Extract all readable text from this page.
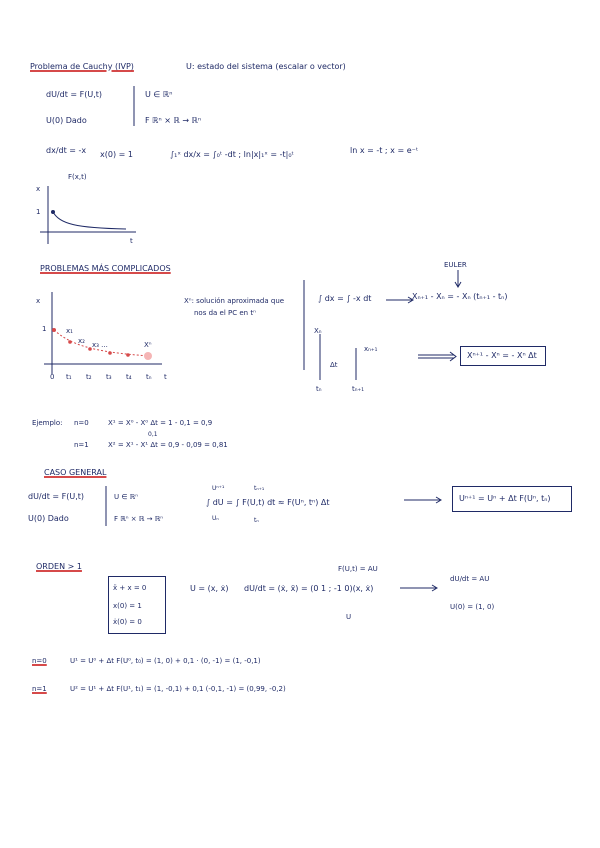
Problema de Cauchy (IVP)	U: estado del sistema (escalar o vector)
dU/dt = F(U,t)
U(0) Dado
U ∈ ℝⁿ
F ℝⁿ × ℝ → ℝⁿ
dx/dt = -x x(0) = 1
F(x,t)
∫₁ˣ dx/x = ∫₀ᵗ -dt ; ln|x|₁ˣ = -t|₀ᵗ	ln x = -t ; x = e⁻ᵗ
x
t
1
PROBLEMAS MÁS COMPLICADOS	EULER
x
1	x₁
x₂ x₃ ...	Xⁿ
0 t₁ t₂ t₃ t₄ tₙ t
Xⁿ: solución aproximada que
nos da el PC en tⁿ
∫ dx = ∫ -x dt	Xₙ₊₁ - Xₙ = - Xₙ (tₙ₊₁ - tₙ)
Xₙ
Δt
xₙ₊₁
tₙ	tₙ₊₁
Xⁿ⁺¹ - Xⁿ = - Xⁿ Δt
Ejemplo: n=0	X¹ = X⁰ - X⁰ Δt = 1 - 0,1 = 0,9
0,1
n=1	X² = X¹ - X¹ Δt = 0,9 - 0,09 = 0,81
CASO GENERAL
dU/dt = F(U,t)
U(0) Dado
U ∈ ℝⁿ
F ℝⁿ × ℝ → ℝⁿ
Uⁿ⁺¹
Uₙ
tₙ₊₁
tₙ
∫ dU = ∫ F(U,t) dt ≈ F(Uⁿ, tⁿ) Δt	Uⁿ⁺¹ = Uⁿ + Δt F(Uⁿ, tₙ)
ORDEN > 1
ẍ + x = 0
x(0) = 1
ẋ(0) = 0
U = (x, ẋ) dU/dt = (ẋ, ẍ) = (0 1 ; -1 0)(x, ẋ)
F(U,t) = AU
U
dU/dt = AU
U(0) = (1, 0)
n=0	U¹ = U⁰ + Δt F(U⁰, t₀) = (1, 0) + 0,1 · (0, -1) = (1, -0,1)
n=1	U² = U¹ + Δt F(U¹, t₁) = (1, -0,1) + 0,1 (-0,1, -1) = (0,99, -0,2)
